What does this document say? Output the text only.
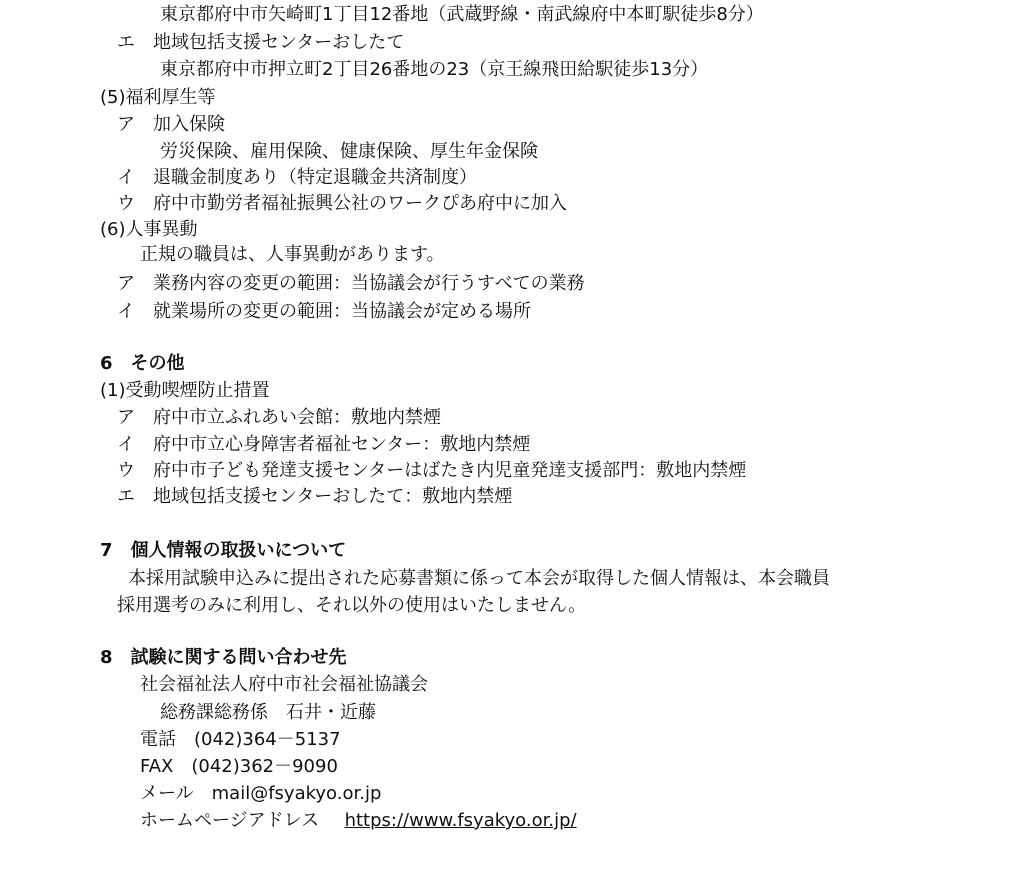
東京都府中市矢崎町1丁目12番地（武蔵野線・南武線府中本町駅徒歩8分）
エ　地域包括支援センターおしたて
東京都府中市押立町2丁目26番地の23（京王線飛田給駅徒歩13分）
(5)福利厚生等
ア　加入保険
労災保険、雇用保険、健康保険、厚生年金保険
イ　退職金制度あり（特定退職金共済制度）
ウ　府中市勤労者福祉振興公社のワークぴあ府中に加入
(6)人事異動
正規の職員は、人事異動があります。
ア　業務内容の変更の範囲：当協議会が行うすべての業務
イ　就業場所の変更の範囲：当協議会が定める場所
6　その他
(1)受動喫煙防止措置
ア　府中市立ふれあい会館：敷地内禁煙
イ　府中市立心身障害者福祉センター：敷地内禁煙
ウ　府中市子ども発達支援センターはばたき内児童発達支援部門：敷地内禁煙
エ　地域包括支援センターおしたて：敷地内禁煙
7　個人情報の取扱いについて
本採用試験申込みに提出された応募書類に係って本会が取得した個人情報は、本会職員
採用選考のみに利用し、それ以外の使用はいたしません。
8　試験に関する問い合わせ先
社会福祉法人府中市社会福祉協議会
総務課総務係　石井・近藤
電話　(042)364－5137
FAX　(042)362－9090
メール　mail@fsyakyo.or.jp
ホームページアドレス https://www.fsyakyo.or.jp/
